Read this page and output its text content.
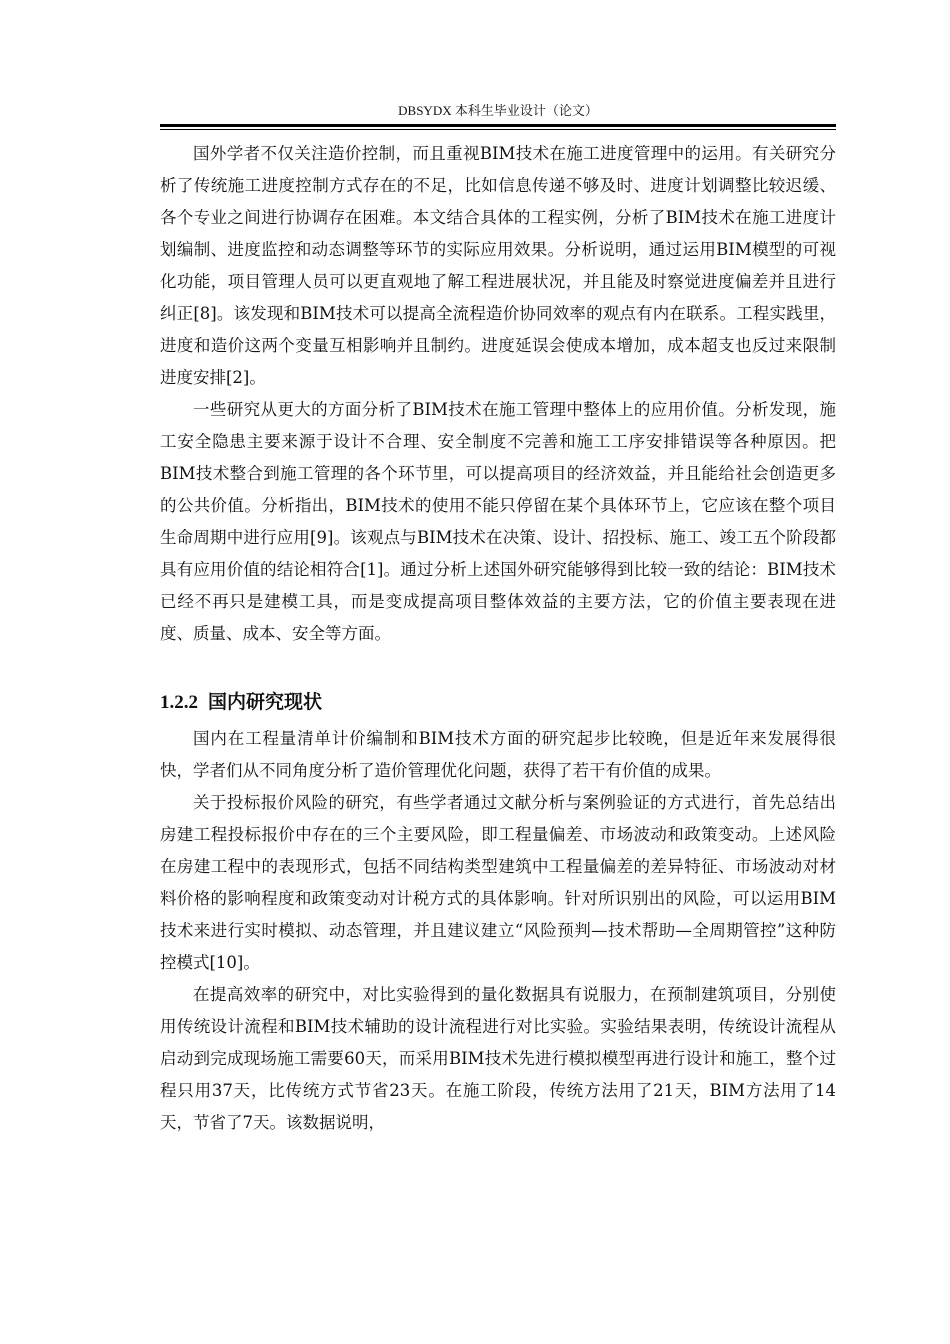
DBSYDX 本科生毕业设计（论文）

国外学者不仅关注造价控制，而且重视BIM技术在施工进度管理中的运用。有关研究分析了传统施工进度控制方式存在的不足，比如信息传递不够及时、进度计划调整比较迟缓、各个专业之间进行协调存在困难。本文结合具体的工程实例，分析了BIM技术在施工进度计划编制、进度监控和动态调整等环节的实际应用效果。分析说明，通过运用BIM模型的可视化功能，项目管理人员可以更直观地了解工程进展状况，并且能及时察觉进度偏差并且进行纠正[8]。该发现和BIM技术可以提高全流程造价协同效率的观点有内在联系。工程实践里，进度和造价这两个变量互相影响并且制约。进度延误会使成本增加，成本超支也反过来限制进度安排[2]。

一些研究从更大的方面分析了BIM技术在施工管理中整体上的应用价值。分析发现，施工安全隐患主要来源于设计不合理、安全制度不完善和施工工序安排错误等各种原因。把BIM技术整合到施工管理的各个环节里，可以提高项目的经济效益，并且能给社会创造更多的公共价值。分析指出，BIM技术的使用不能只停留在某个具体环节上，它应该在整个项目生命周期中进行应用[9]。该观点与BIM技术在决策、设计、招投标、施工、竣工五个阶段都具有应用价值的结论相符合[1]。通过分析上述国外研究能够得到比较一致的结论：BIM技术已经不再只是建模工具，而是变成提高项目整体效益的主要方法，它的价值主要表现在进度、质量、成本、安全等方面。

1.2.2 国内研究现状

国内在工程量清单计价编制和BIM技术方面的研究起步比较晚，但是近年来发展得很快，学者们从不同角度分析了造价管理优化问题，获得了若干有价值的成果。

关于投标报价风险的研究，有些学者通过文献分析与案例验证的方式进行，首先总结出房建工程投标报价中存在的三个主要风险，即工程量偏差、市场波动和政策变动。上述风险在房建工程中的表现形式，包括不同结构类型建筑中工程量偏差的差异特征、市场波动对材料价格的影响程度和政策变动对计税方式的具体影响。针对所识别出的风险，可以运用BIM技术来进行实时模拟、动态管理，并且建议建立“风险预判—技术帮助—全周期管控”这种防控模式[10]。

在提高效率的研究中，对比实验得到的量化数据具有说服力，在预制建筑项目，分别使用传统设计流程和BIM技术辅助的设计流程进行对比实验。实验结果表明，传统设计流程从启动到完成现场施工需要60天，而采用BIM技术先进行模拟模型再进行设计和施工，整个过程只用37天，比传统方式节省23天。在施工阶段，传统方法用了21天，BIM方法用了14天，节省了7天。该数据说明，
